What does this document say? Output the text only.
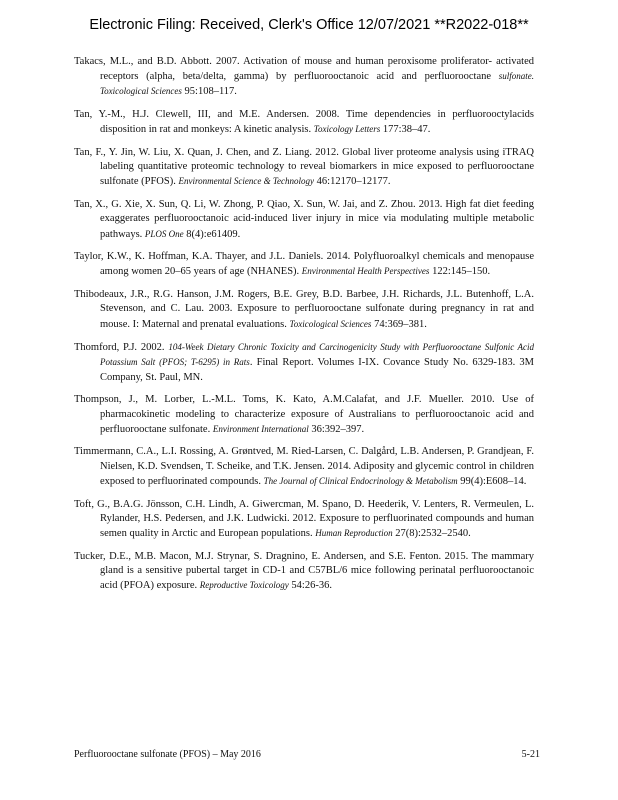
Electronic Filing: Received, Clerk's Office 12/07/2021 **R2022-018**

Takacs, M.L., and B.D. Abbott. 2007. Activation of mouse and human peroxisome proliferator- activated receptors (alpha, beta/delta, gamma) by perfluorooctanoic acid and perfluorooctane sulfonate. Toxicological Sciences 95:108–117.

Tan, Y.-M., H.J. Clewell, III, and M.E. Andersen. 2008. Time dependencies in perfluorooctylacids disposition in rat and monkeys: A kinetic analysis. Toxicology Letters 177:38–47.

Tan, F., Y. Jin, W. Liu, X. Quan, J. Chen, and Z. Liang. 2012. Global liver proteome analysis using iTRAQ labeling quantitative proteomic technology to reveal biomarkers in mice exposed to perfluorooctane sulfonate (PFOS). Environmental Science & Technology 46:12170–12177.

Tan, X., G. Xie, X. Sun, Q. Li, W. Zhong, P. Qiao, X. Sun, W. Jai, and Z. Zhou. 2013. High fat diet feeding exaggerates perfluorooctanoic acid-induced liver injury in mice via modulating multiple metabolic pathways. PLOS One 8(4):e61409.

Taylor, K.W., K. Hoffman, K.A. Thayer, and J.L. Daniels. 2014. Polyfluoroalkyl chemicals and menopause among women 20–65 years of age (NHANES). Environmental Health Perspectives 122:145–150.

Thibodeaux, J.R., R.G. Hanson, J.M. Rogers, B.E. Grey, B.D. Barbee, J.H. Richards, J.L. Butenhoff, L.A. Stevenson, and C. Lau. 2003. Exposure to perfluorooctane sulfonate during pregnancy in rat and mouse. I: Maternal and prenatal evaluations. Toxicological Sciences 74:369–381.

Thomford, P.J. 2002. 104-Week Dietary Chronic Toxicity and Carcinogenicity Study with Perfluorooctane Sulfonic Acid Potassium Salt (PFOS; T-6295) in Rats. Final Report. Volumes I-IX. Covance Study No. 6329-183. 3M Company, St. Paul, MN.

Thompson, J., M. Lorber, L.-M.L. Toms, K. Kato, A.M.Calafat, and J.F. Mueller. 2010. Use of pharmacokinetic modeling to characterize exposure of Australians to perfluorooctanoic acid and perfluorooctane sulfonate. Environment International 36:392–397.

Timmermann, C.A., L.I. Rossing, A. Grøntved, M. Ried-Larsen, C. Dalgård, L.B. Andersen, P. Grandjean, F. Nielsen, K.D. Svendsen, T. Scheike, and T.K. Jensen. 2014. Adiposity and glycemic control in children exposed to perfluorinated compounds. The Journal of Clinical Endocrinology & Metabolism 99(4):E608–14.

Toft, G., B.A.G. Jönsson, C.H. Lindh, A. Giwercman, M. Spano, D. Heederik, V. Lenters, R. Vermeulen, L. Rylander, H.S. Pedersen, and J.K. Ludwicki. 2012. Exposure to perfluorinated compounds and human semen quality in Arctic and European populations. Human Reproduction 27(8):2532–2540.

Tucker, D.E., M.B. Macon, M.J. Strynar, S. Dragnino, E. Andersen, and S.E. Fenton. 2015. The mammary gland is a sensitive pubertal target in CD-1 and C57BL/6 mice following perinatal perfluorooctanoic acid (PFOA) exposure. Reproductive Toxicology 54:26-36.

Perfluorooctane sulfonate (PFOS) – May 2016	5-21
